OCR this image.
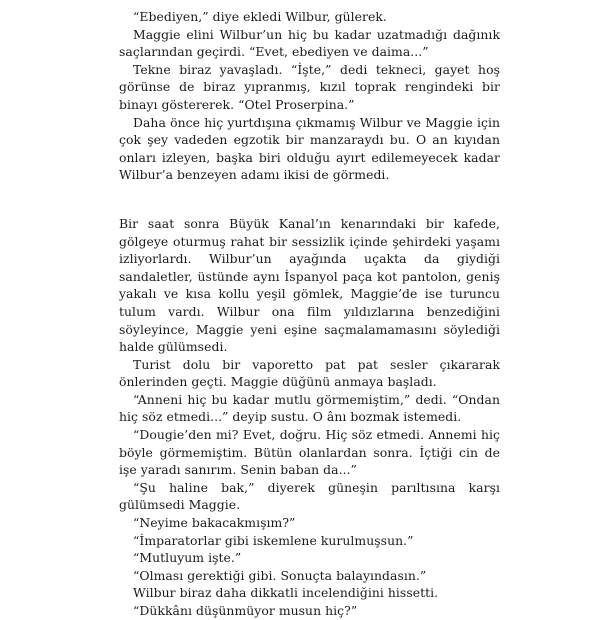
“Ebediyen,” diye ekledi Wilbur, gülerek.

Maggie elini Wilbur’un hiç bu kadar uzatmadığı dağınık saçlarından geçirdi. “Evet, ebediyen ve daima...”

Tekne biraz yavaşladı. “İşte,” dedi tekneci, gayet hoş görünse de biraz yıpranmış, kızıl toprak rengindeki bir binayı göstererek. “Otel Proserpina.”

Daha önce hiç yurtdışına çıkmamış Wilbur ve Maggie için çok şey vadeden egzotik bir manzaraydı bu. O an kıyıdan onları izleyen, başka biri olduğu ayırt edilemeyecek kadar Wilbur’a benzeyen adamı ikisi de görmedi.

Bir saat sonra Büyük Kanal’ın kenarındaki bir kafede, gölgeye oturmuş rahat bir sessizlik içinde şehirdeki yaşamı izliyorlardı. Wilbur’un ayağında uçakta da giydiği sandaletler, üstünde aynı İspanyol paça kot pantolon, geniş yakalı ve kısa kollu yeşil gömlek, Maggie’de ise turuncu tulum vardı. Wilbur ona film yıldızlarına benzediğini söyleyince, Maggie yeni eşine saçmalamamasını söylediği halde gülümsedi.

Turist dolu bir vaporetto pat pat sesler çıkararak önlerinden geçti. Maggie düğünü anmaya başladı.

“Anneni hiç bu kadar mutlu görmemiştim,” dedi. “Ondan hiç söz etmedi...” deyip sustu. O ânı bozmak istemedi.

“Dougie’den mi? Evet, doğru. Hiç söz etmedi. Annemi hiç böyle görmemiştim. Bütün olanlardan sonra. İçtiği cin de işe yaradı sanırım. Senin baban da...”

“Şu haline bak,” diyerek güneşin parıltısına karşı gülümsedi Maggie.

“Neyime bakacakmışım?”

“İmparatorlar gibi iskemlene kurulmuşsun.”

“Mutluyum işte.”

“Olması gerektiği gibi. Sonuçta balayındasın.”

Wilbur biraz daha dikkatli incelendiğini hissetti.

“Dükkânı düşünmüyor musun hiç?”
